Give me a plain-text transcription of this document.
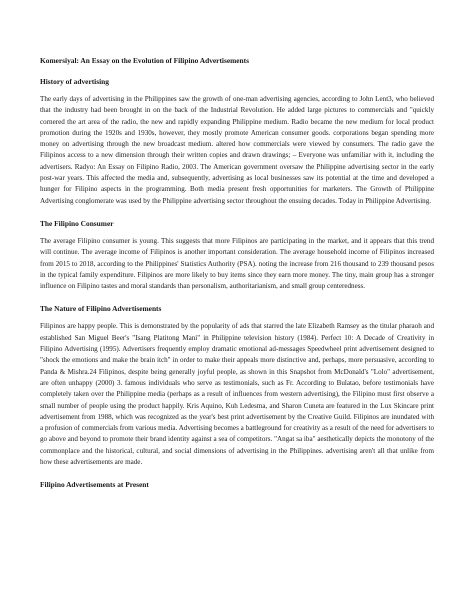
Komersiyal: An Essay on the Evolution of Filipino Advertisements
History of advertising

The early days of advertising in the Philippines saw the growth of one-man advertising agencies, according to John Lent3, who believed that the industry had been brought in on the back of the Industrial Revolution. He added large pictures to commercials and "quickly cornered the art area of the radio, the new and rapidly expanding Philippine medium. Radio became the new medium for local product promotion during the 1920s and 1930s, however, they mostly promote American consumer goods. corporations began spending more money on advertising through the new broadcast medium. altered how commercials were viewed by consumers. The radio gave the Filipinos access to a new dimension through their written copies and drawn drawings; – Everyone was unfamiliar with it, including the advertisers. Radyo: An Essay on Filipino Radio, 2003. The American government oversaw the Philippine advertising sector in the early post-war years. This affected the media and, subsequently, advertising as local businesses saw its potential at the time and developed a hunger for Filipino aspects in the programming. Both media present fresh opportunities for marketers. The Growth of Philippine Advertising conglomerate was used by the Philippine advertising sector throughout the ensuing decades. Today in Philippine Advertising.

The Filipino Consumer

The average Filipino consumer is young. This suggests that more Filipinos are participating in the market, and it appears that this trend will continue. The average income of Filipinos is another important consideration. The average household income of Filipinos increased from 2015 to 2018, according to the Philippines' Statistics Authority (PSA). noting the increase from 216 thousand to 239 thousand pesos in the typical family expenditure. Filipinos are more likely to buy items since they earn more money. The tiny, main group has a stronger influence on Filipino tastes and moral standards than personalism, authoritarianism, and small group centeredness.

The Nature of Filipino Advertisements

Filipinos are happy people. This is demonstrated by the popularity of ads that starred the late Elizabeth Ramsey as the titular pharaoh and established San Miguel Beer's "Isang Platitong Mani" in Philippine television history (1984). Perfect 10: A Decade of Creativity in Filipino Advertising (1995). Advertisers frequently employ dramatic emotional ad-messages Speedwheel print advertisement designed to "shock the emotions and make the brain itch" in order to make their appeals more distinctive and, perhaps, more persuasive, according to Panda & Mishra.24 Filipinos, despite being generally joyful people, as shown in this Snapshot from McDonald's "Lolo" advertisement, are often unhappy (2000) 3. famous individuals who serve as testimonials, such as Fr. According to Bulatao, before testimonials have completely taken over the Philippine media (perhaps as a result of influences from western advertising), the Filipino must first observe a small number of people using the product happily. Kris Aquino, Kuh Ledesma, and Sharon Cuneta are featured in the Lux Skincare print advertisement from 1988, which was recognized as the year's best print advertisement by the Creative Guild. Filipinos are inundated with a profusion of commercials from various media. Advertising becomes a battleground for creativity as a result of the need for advertisers to go above and beyond to promote their brand identity against a sea of competitors. "Angat sa iba" aesthetically depicts the monotony of the commonplace and the historical, cultural, and social dimensions of advertising in the Philippines. advertising aren't all that unlike from how these advertisements are made.

Filipino Advertisements at Present
